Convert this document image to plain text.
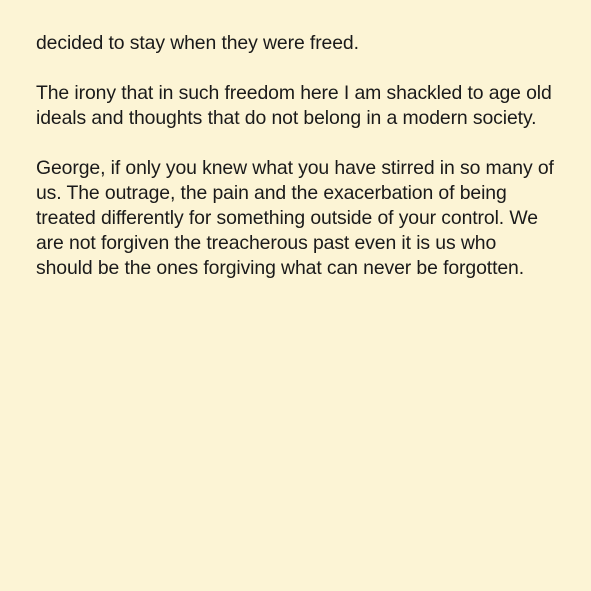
decided to stay when they were freed.

The irony that in such freedom here I am shackled to age old ideals and thoughts that do not belong in a modern society.

George, if only you knew what you have stirred in so many of us. The outrage, the pain and the exacerbation of being treated differently for something outside of your control. We are not forgiven the treacherous past even it is us who should be the ones forgiving what can never be forgotten.
